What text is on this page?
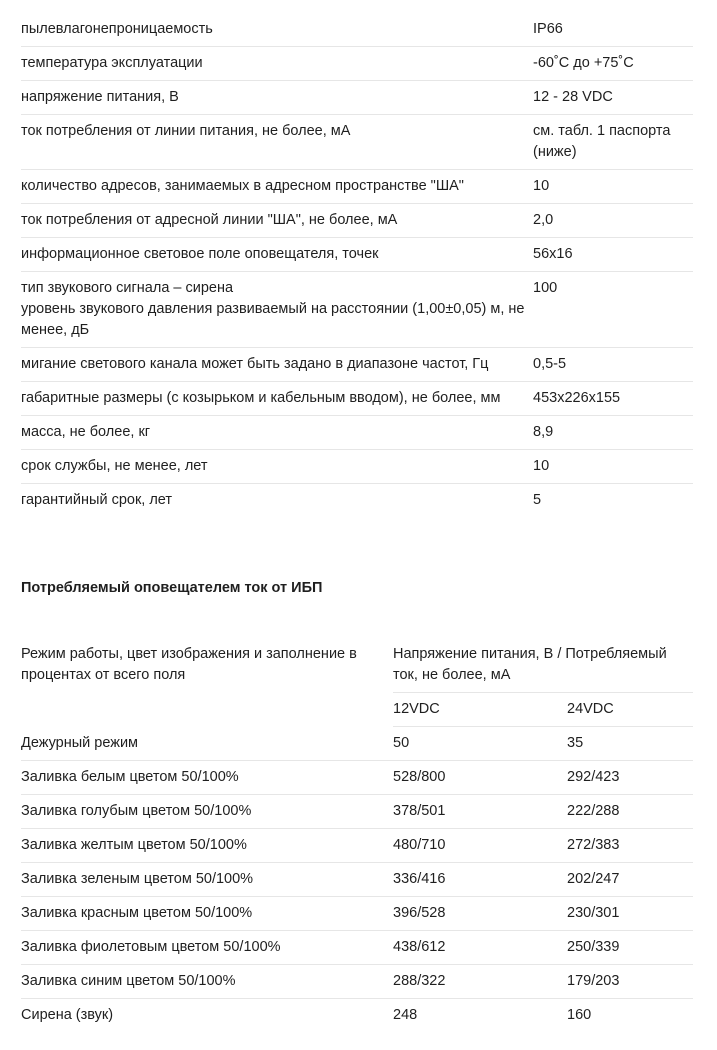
пылевлагонепроницаемость	IP66
температура эксплуатации	-60˚С до +75˚С
напряжение питания, В	12 - 28 VDC
ток потребления от линии питания, не более, мА	см. табл. 1 паспорта (ниже)
количество адресов, занимаемых в адресном пространстве "ША"	10
ток потребления от адресной линии "ША", не более, мА	2,0
информационное световое поле оповещателя, точек	56х16
тип звукового сигнала – сирена
уровень звукового давления развиваемый на расстоянии (1,00±0,05) м, не менее, дБ	100
мигание светового канала может быть задано в диапазоне частот, Гц	0,5-5
габаритные размеры (с козырьком и кабельным вводом), не более, мм	453х226х155
масса, не более, кг	8,9
срок службы, не менее, лет	10
гарантийный срок, лет	5
Потребляемый оповещателем ток от ИБП
Режим работы, цвет изображения и заполнение в процентах от всего поля	Напряжение питания, В / Потребляемый ток, не более, мА	
	12VDC	24VDC
Дежурный режим	50	35
Заливка белым цветом 50/100%	528/800	292/423
Заливка голубым цветом 50/100%	378/501	222/288
Заливка желтым цветом 50/100%	480/710	272/383
Заливка зеленым цветом 50/100%	336/416	202/247
Заливка красным цветом 50/100%	396/528	230/301
Заливка фиолетовым цветом 50/100%	438/612	250/339
Заливка синим цветом 50/100%	288/322	179/203
Сирена (звук)	248	160
